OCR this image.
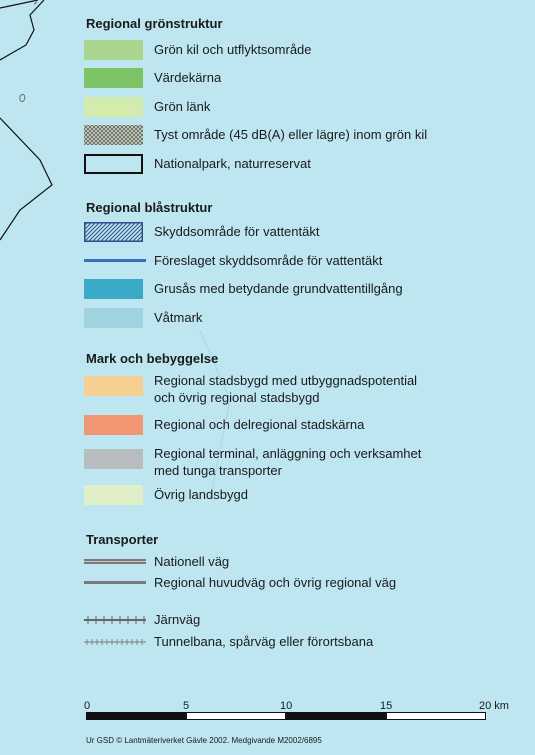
Regional grönstruktur
Grön kil och utflyktsområde
Värdekärna
Grön länk
Tyst område (45 dB(A) eller lägre) inom grön kil
Nationalpark, naturreservat
Regional blåstruktur
Skyddsområde för vattentäkt
Föreslaget skyddsområde för vattentäkt
Grusås med betydande grundvattentillgång
Våtmark
Mark och bebyggelse
Regional stadsbygd med utbyggnadspotential
och övrig regional stadsbygd
Regional och delregional stadskärna
Regional terminal, anläggning och verksamhet
med tunga transporter
Övrig landsbygd
Transporter
Nationell väg
Regional huvudväg och övrig regional väg
Järnväg
Tunnelbana, spårväg eller förortsbana
0	5	10	15	20 km
Ur GSD © Lantmäteriverket Gävle 2002. Medgivande M2002/6895
